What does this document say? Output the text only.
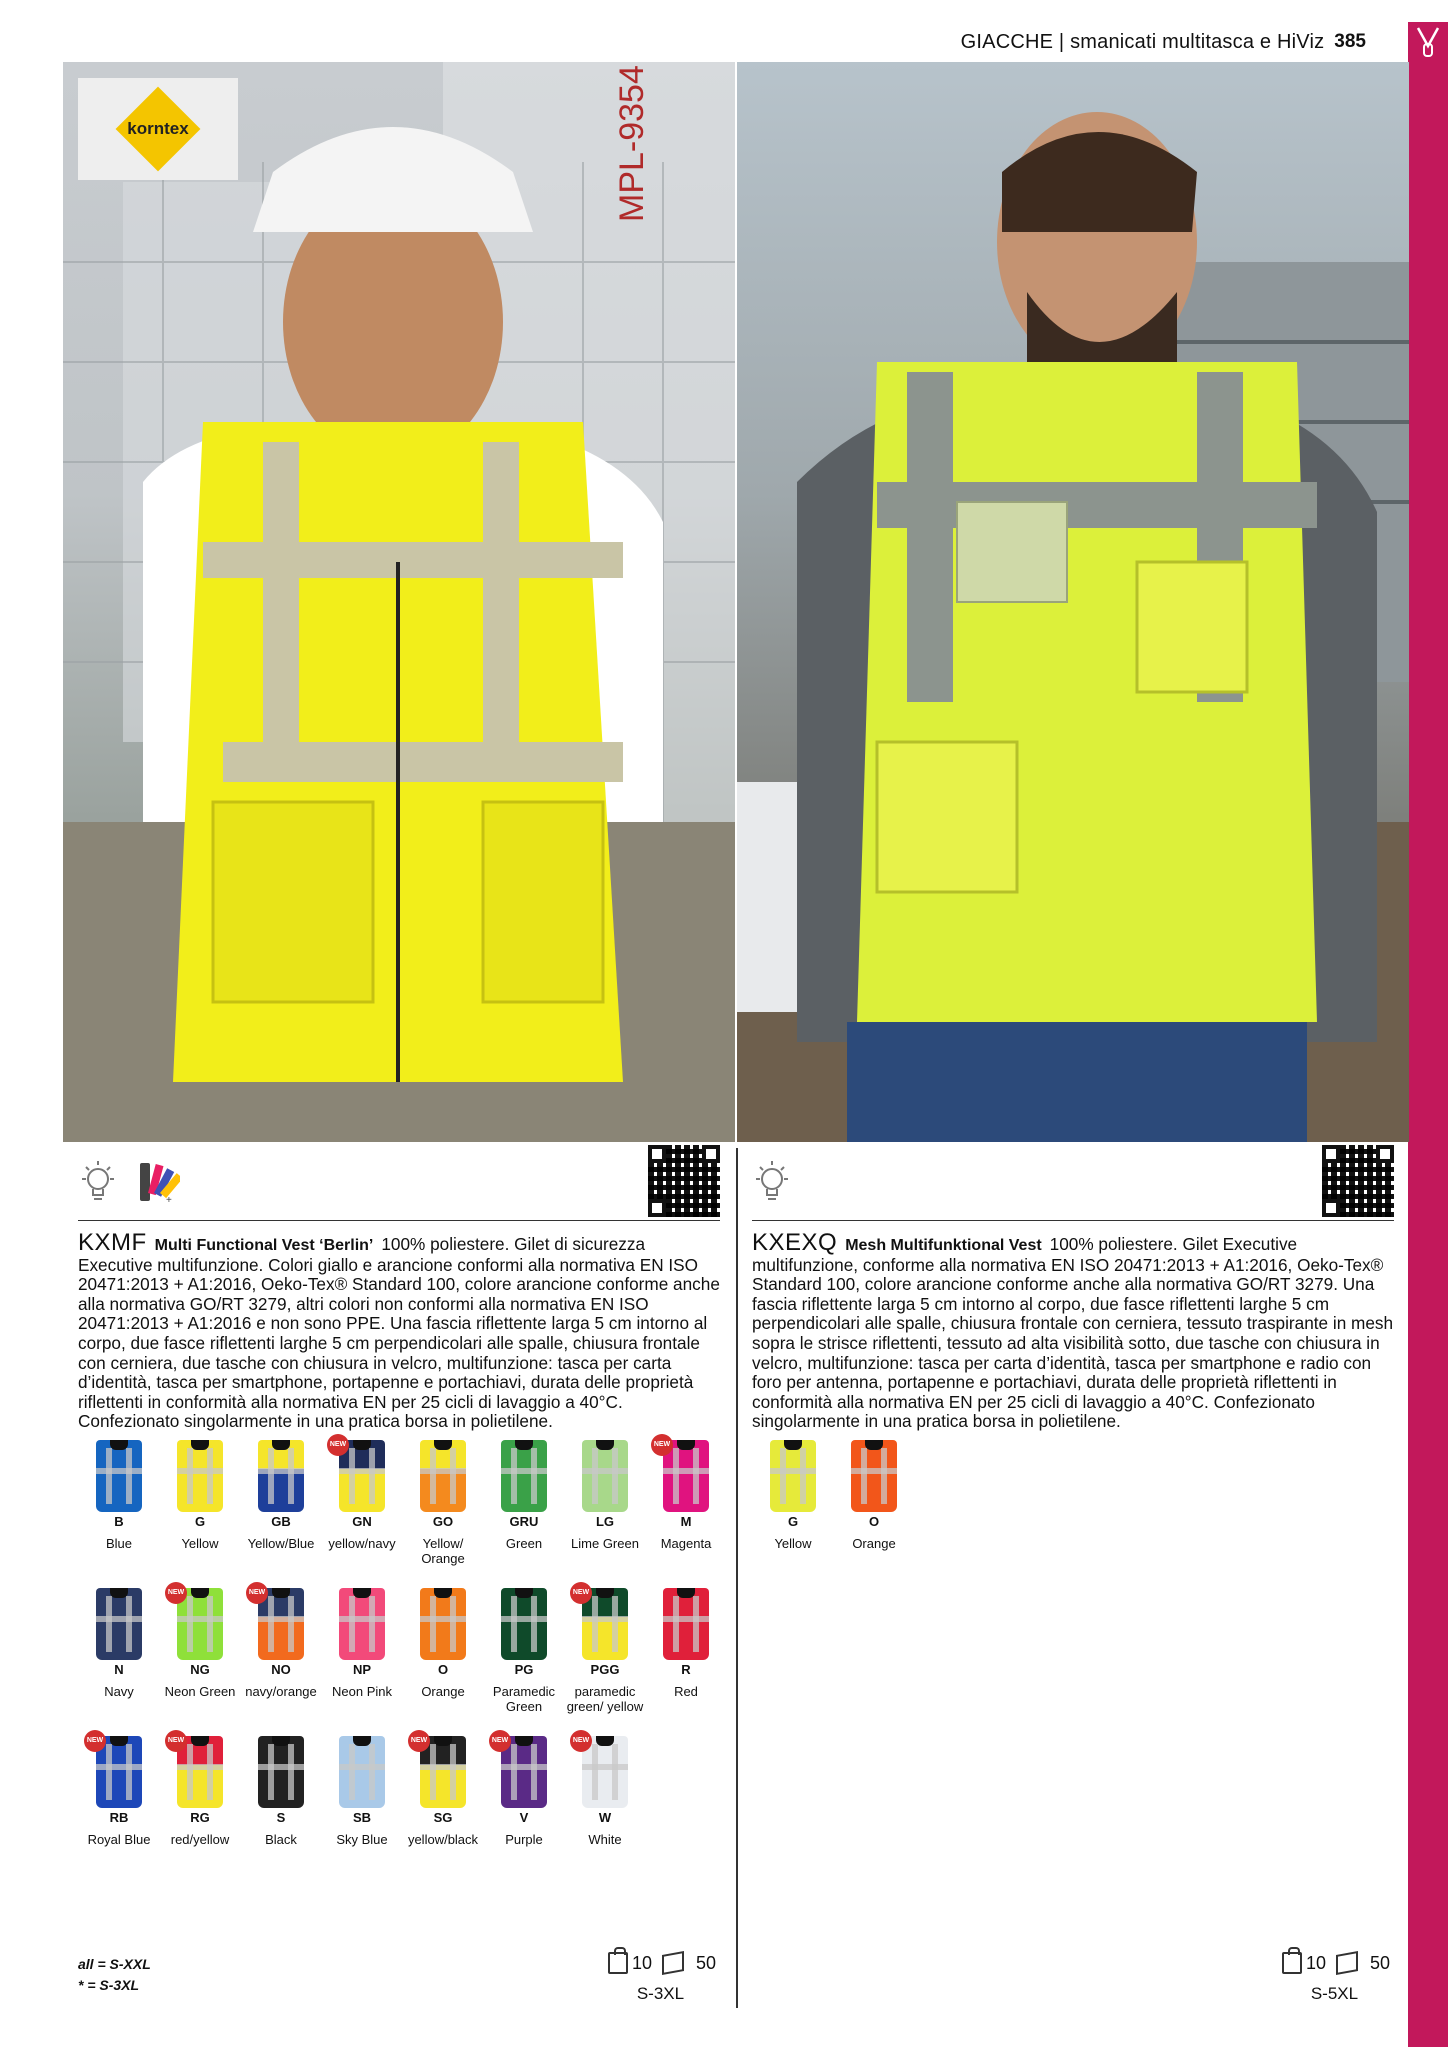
GIACCHE | smanicati multitasca e HiViz 385
MPL-9354
korntex
+

KXMF Multi Functional Vest ‘Berlin’ 100% poliestere. Gilet di sicurezza Executive multifunzione. Colori giallo e arancione conformi alla normativa EN ISO 20471:2013 + A1:2016, Oeko-Tex® Standard 100, colore arancione conforme anche alla normativa GO/RT 3279, altri colori non conformi alla normativa EN ISO 20471:2013 + A1:2016 e non sono PPE. Una fascia riflettente larga 5 cm intorno al corpo, due fasce riflettenti larghe 5 cm perpendicolari alle spalle, chiusura frontale con cerniera, due tasche con chiusura in velcro, multifunzione: tasca per carta d’identità, tasca per smartphone, portapenne e portachiavi, durata delle proprietà riflettenti in conformità alla normativa EN per 25 cicli di lavaggio a 40°C. Confezionato singolarmente in una pratica borsa in polietilene.

B
Blue
G
Yellow
GB
Yellow/Blue
NEW
GN
yellow/navy
GO
Yellow/ Orange
GRU
Green
LG
Lime Green
NEW
M
Magenta
N
Navy
NEW
NG
Neon Green
NEW
NO
navy/orange
NP
Neon Pink
O
Orange
PG
Paramedic Green
NEW
PGG
paramedic green/ yellow
R
Red
NEW
RB
Royal Blue
NEW
RG
red/yellow
S
Black
SB
Sky Blue
NEW
SG
yellow/black
NEW
V
Purple
NEW
W
White

KXEXQ Mesh Multifunktional Vest 100% poliestere. Gilet Executive multifunzione, conforme alla normativa EN ISO 20471:2013 + A1:2016, Oeko-Tex® Standard 100, colore arancione conforme anche alla normativa GO/RT 3279. Una fascia riflettente larga 5 cm intorno al corpo, due fasce riflettenti larghe 5 cm perpendicolari alle spalle, chiusura frontale con cerniera, tessuto traspirante in mesh sopra le strisce riflettenti, tessuto ad alta visibilità sotto, due tasche con chiusura in velcro, multifunzione: tasca per carta d’identità, tasca per smartphone e radio con foro per antenna, portapenne e portachiavi, durata delle proprietà riflettenti in conformità alla normativa EN per 25 cicli di lavaggio a 40°C. Confezionato singolarmente in una pratica borsa in polietilene.

G
Yellow
O
Orange
all = S-XXL
* = S-3XL
10 50
S-3XL
10 50
S-5XL
